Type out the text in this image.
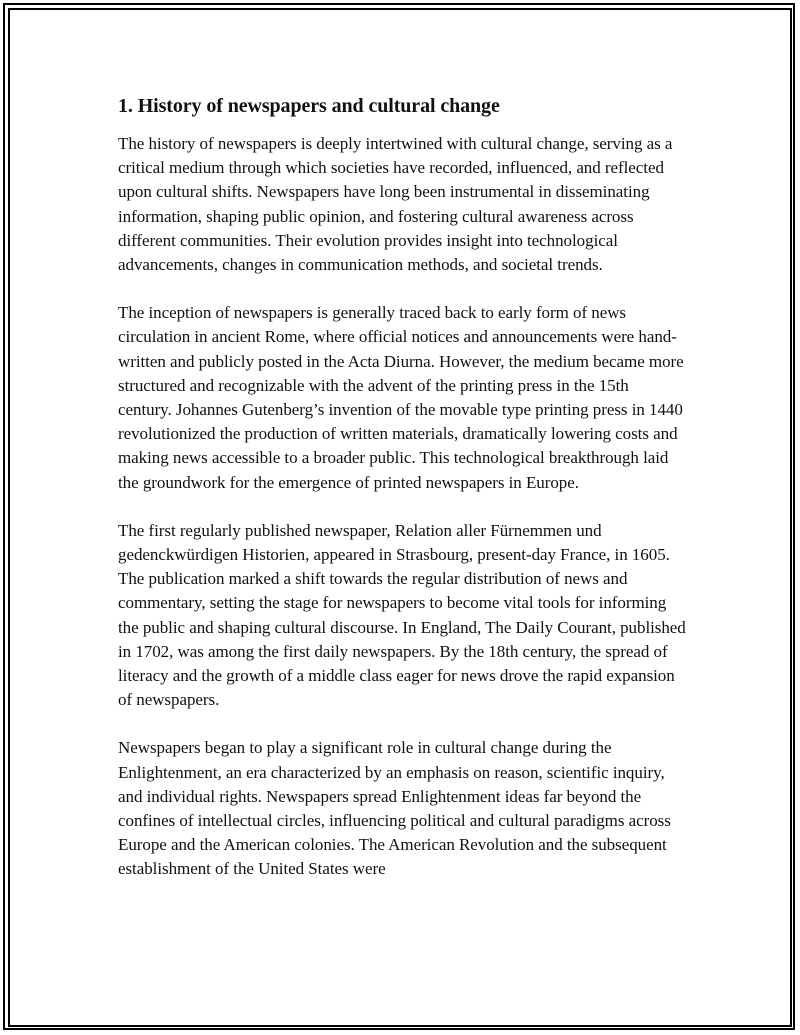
1. History of newspapers and cultural change

The history of newspapers is deeply intertwined with cultural change, serving as a critical medium through which societies have recorded, influenced, and reflected upon cultural shifts. Newspapers have long been instrumental in disseminating information, shaping public opinion, and fostering cultural awareness across different communities. Their evolution provides insight into technological advancements, changes in communication methods, and societal trends.

The inception of newspapers is generally traced back to early form of news circulation in ancient Rome, where official notices and announcements were hand-written and publicly posted in the Acta Diurna. However, the medium became more structured and recognizable with the advent of the printing press in the 15th century. Johannes Gutenberg’s invention of the movable type printing press in 1440 revolutionized the production of written materials, dramatically lowering costs and making news accessible to a broader public. This technological breakthrough laid the groundwork for the emergence of printed newspapers in Europe.

The first regularly published newspaper, Relation aller Fürnemmen und gedenckwürdigen Historien, appeared in Strasbourg, present-day France, in 1605. The publication marked a shift towards the regular distribution of news and commentary, setting the stage for newspapers to become vital tools for informing the public and shaping cultural discourse. In England, The Daily Courant, published in 1702, was among the first daily newspapers. By the 18th century, the spread of literacy and the growth of a middle class eager for news drove the rapid expansion of newspapers.

Newspapers began to play a significant role in cultural change during the Enlightenment, an era characterized by an emphasis on reason, scientific inquiry, and individual rights. Newspapers spread Enlightenment ideas far beyond the confines of intellectual circles, influencing political and cultural paradigms across Europe and the American colonies. The American Revolution and the subsequent establishment of the United States were
